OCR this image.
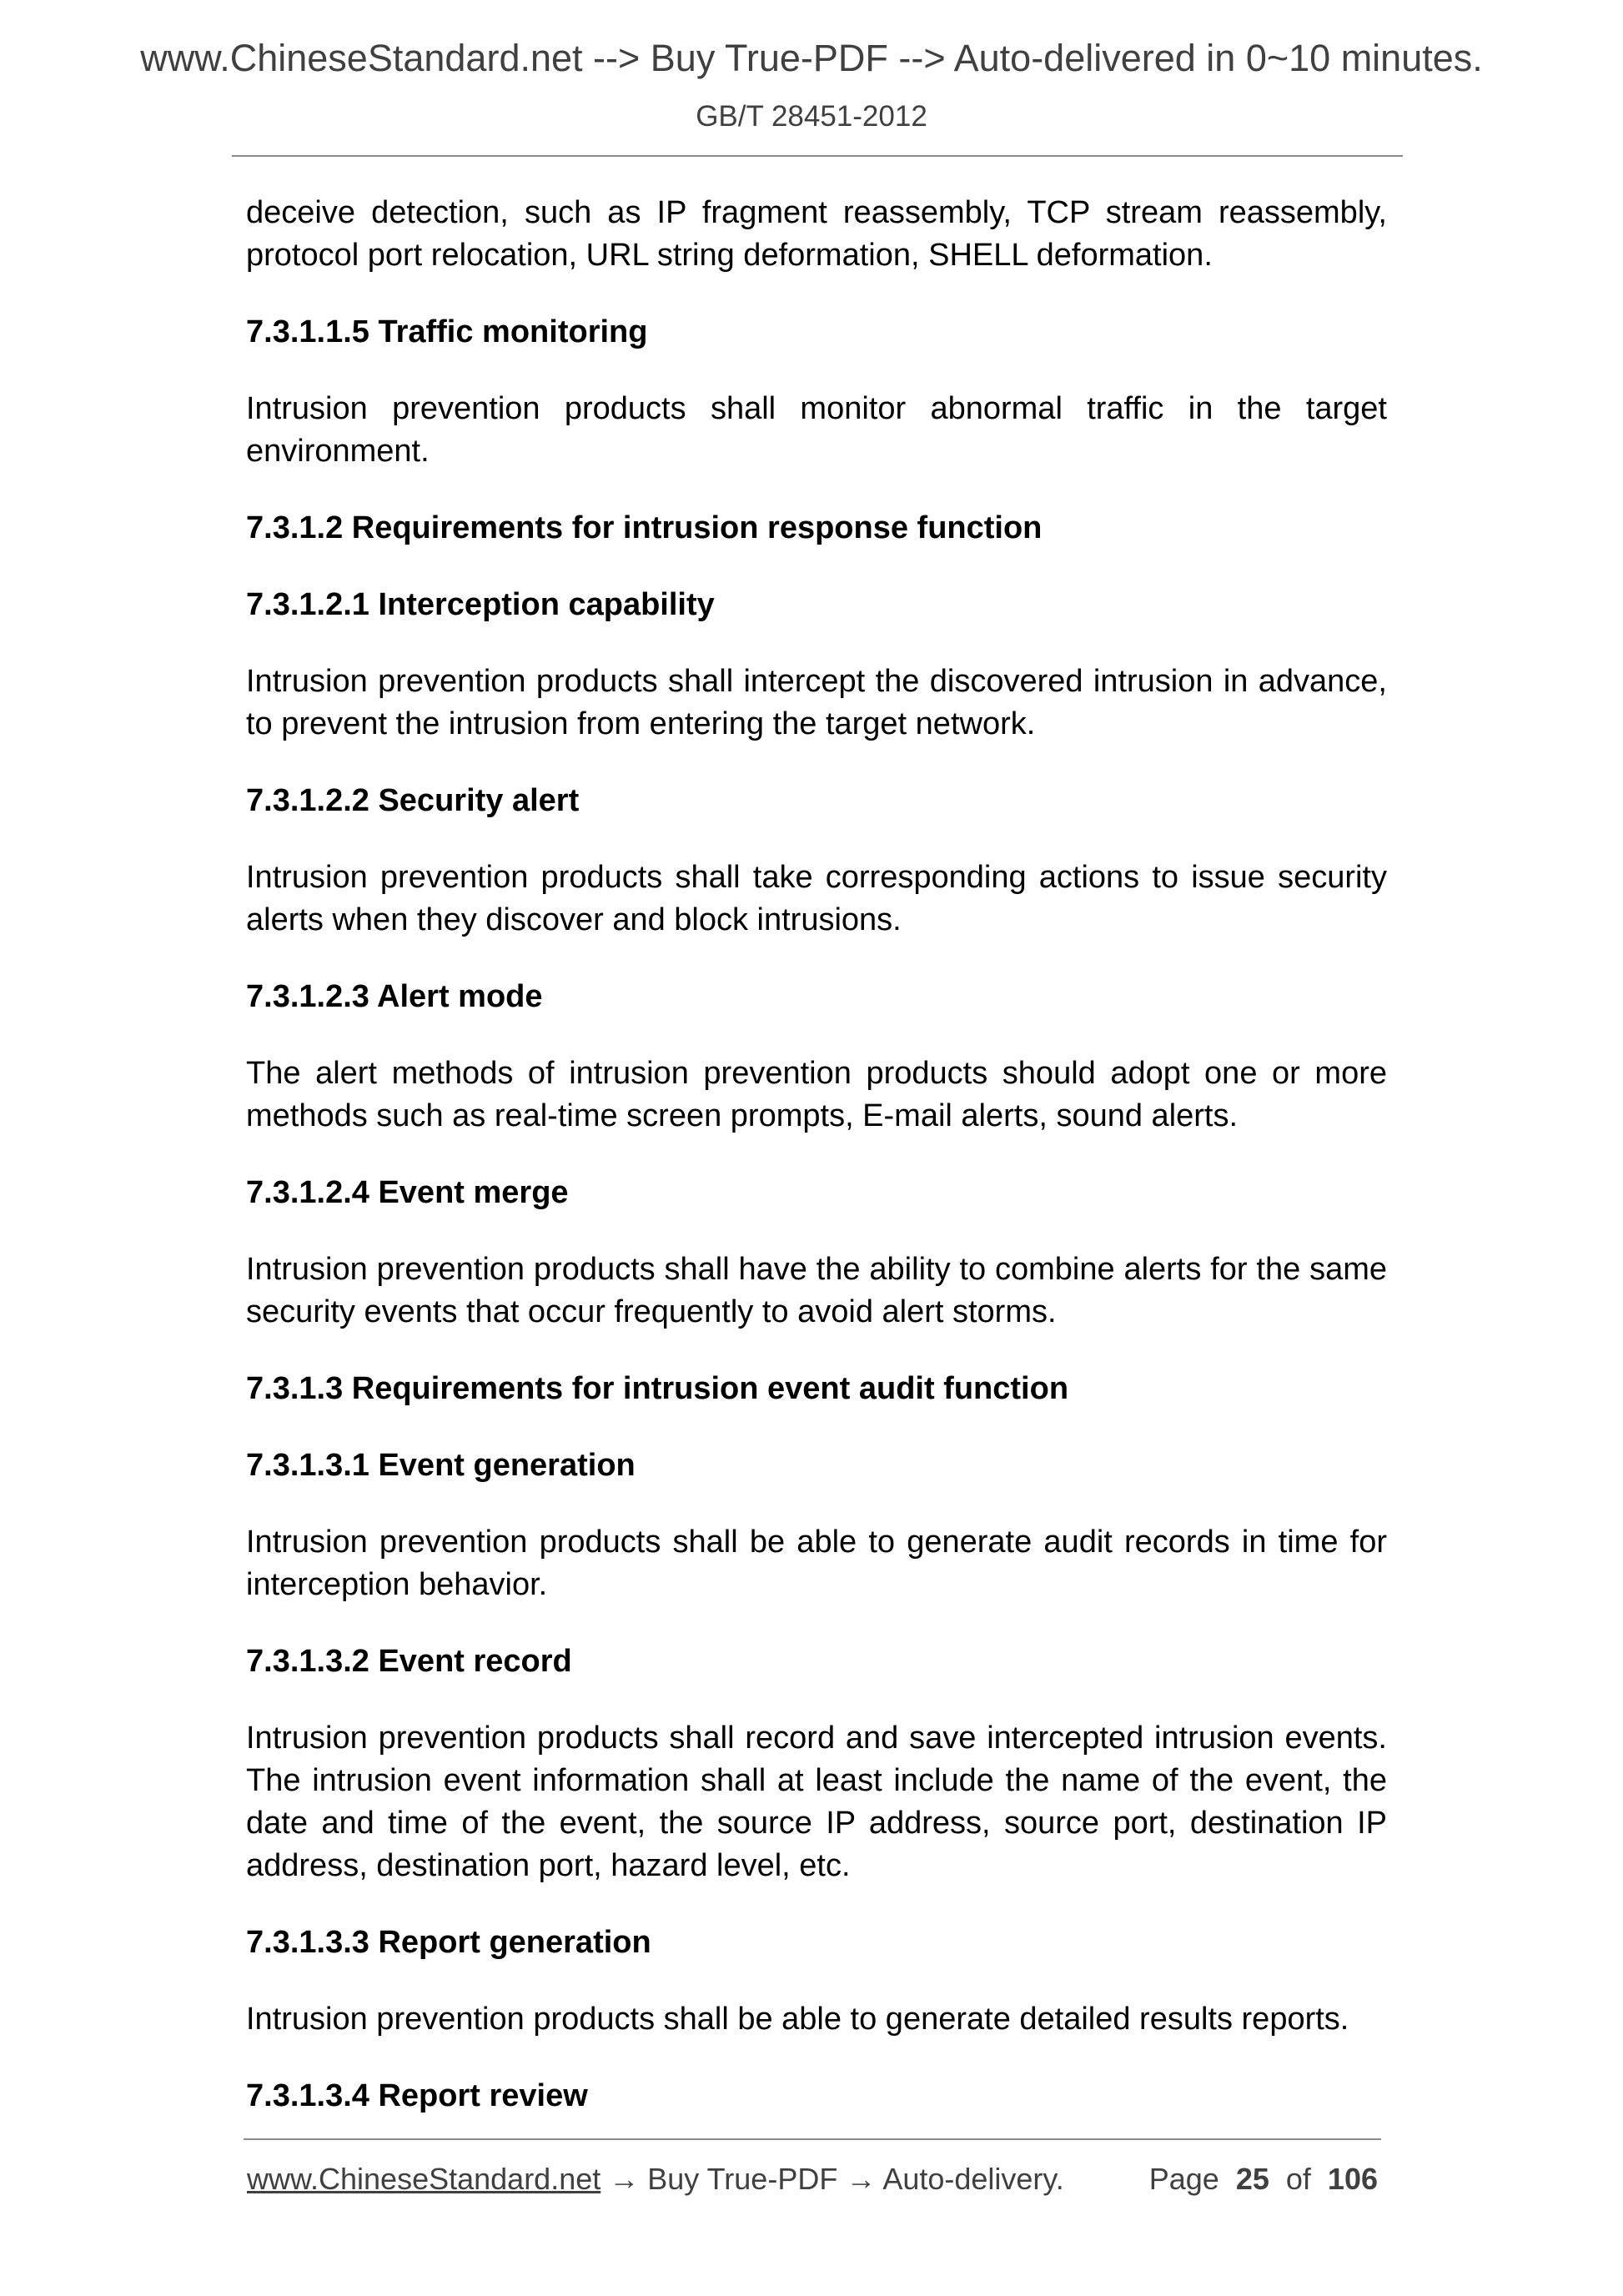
www.ChineseStandard.net --> Buy True-PDF --> Auto-delivered in 0~10 minutes.
GB/T 28451-2012

deceive detection, such as IP fragment reassembly, TCP stream reassembly, protocol port relocation, URL string deformation, SHELL deformation.

7.3.1.1.5 Traffic monitoring

Intrusion prevention products shall monitor abnormal traffic in the target environment.

7.3.1.2 Requirements for intrusion response function
7.3.1.2.1 Interception capability

Intrusion prevention products shall intercept the discovered intrusion in advance, to prevent the intrusion from entering the target network.

7.3.1.2.2 Security alert

Intrusion prevention products shall take corresponding actions to issue security alerts when they discover and block intrusions.

7.3.1.2.3 Alert mode

The alert methods of intrusion prevention products should adopt one or more methods such as real-time screen prompts, E-mail alerts, sound alerts.

7.3.1.2.4 Event merge

Intrusion prevention products shall have the ability to combine alerts for the same security events that occur frequently to avoid alert storms.

7.3.1.3 Requirements for intrusion event audit function
7.3.1.3.1 Event generation

Intrusion prevention products shall be able to generate audit records in time for interception behavior.

7.3.1.3.2 Event record

Intrusion prevention products shall record and save intercepted intrusion events. The intrusion event information shall at least include the name of the event, the date and time of the event, the source IP address, source port, destination IP address, destination port, hazard level, etc.

7.3.1.3.3 Report generation

Intrusion prevention products shall be able to generate detailed results reports.

7.3.1.3.4 Report review
www.ChineseStandard.net → Buy True-PDF → Auto-delivery.	Page 25 of 106
